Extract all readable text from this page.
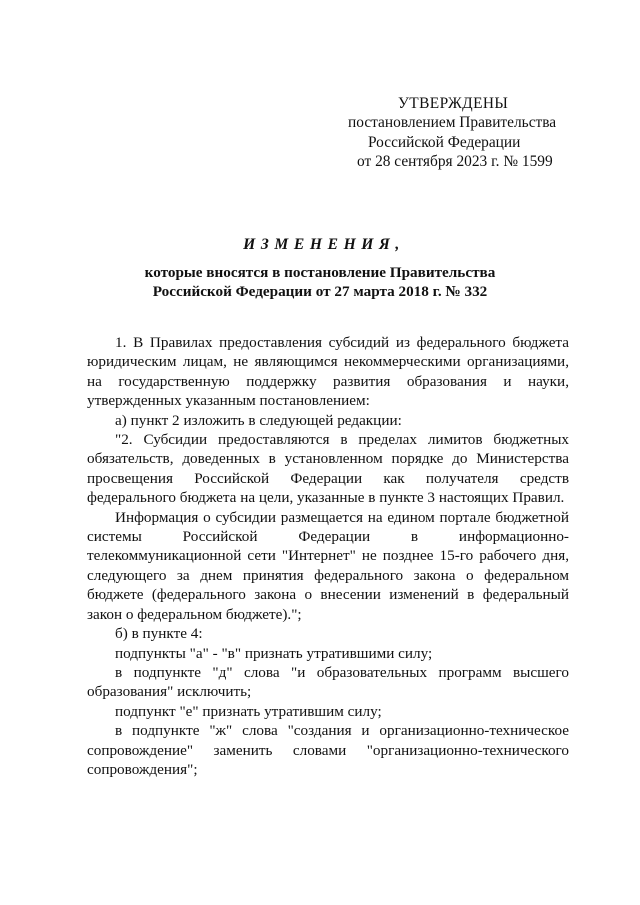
УТВЕРЖДЕНЫ
постановлением Правительства
Российской Федерации
от 28 сентября 2023 г. № 1599
ИЗМЕНЕНИЯ,
которые вносятся в постановление Правительства
Российской Федерации от 27 марта 2018 г. № 332

1. В Правилах предоставления субсидий из федерального бюджета юридическим лицам, не являющимся некоммерческими организациями, на государственную поддержку развития образования и науки, утвержденных указанным постановлением:

а) пункт 2 изложить в следующей редакции:

"2. Субсидии предоставляются в пределах лимитов бюджетных обязательств, доведенных в установленном порядке до Министерства просвещения Российской Федерации как получателя средств федерального бюджета на цели, указанные в пункте 3 настоящих Правил.

Информация о субсидии размещается на едином портале бюджетной системы Российской Федерации в информационно-телекоммуникационной сети "Интернет" не позднее 15-го рабочего дня, следующего за днем принятия федерального закона о федеральном бюджете (федерального закона о внесении изменений в федеральный закон о федеральном бюджете).";

б) в пункте 4:

подпункты "а" - "в" признать утратившими силу;

в подпункте "д" слова "и образовательных программ высшего образования" исключить;

подпункт "е" признать утратившим силу;

в подпункте "ж" слова "создания и организационно-техническое сопровождение" заменить словами "организационно-технического сопровождения";
